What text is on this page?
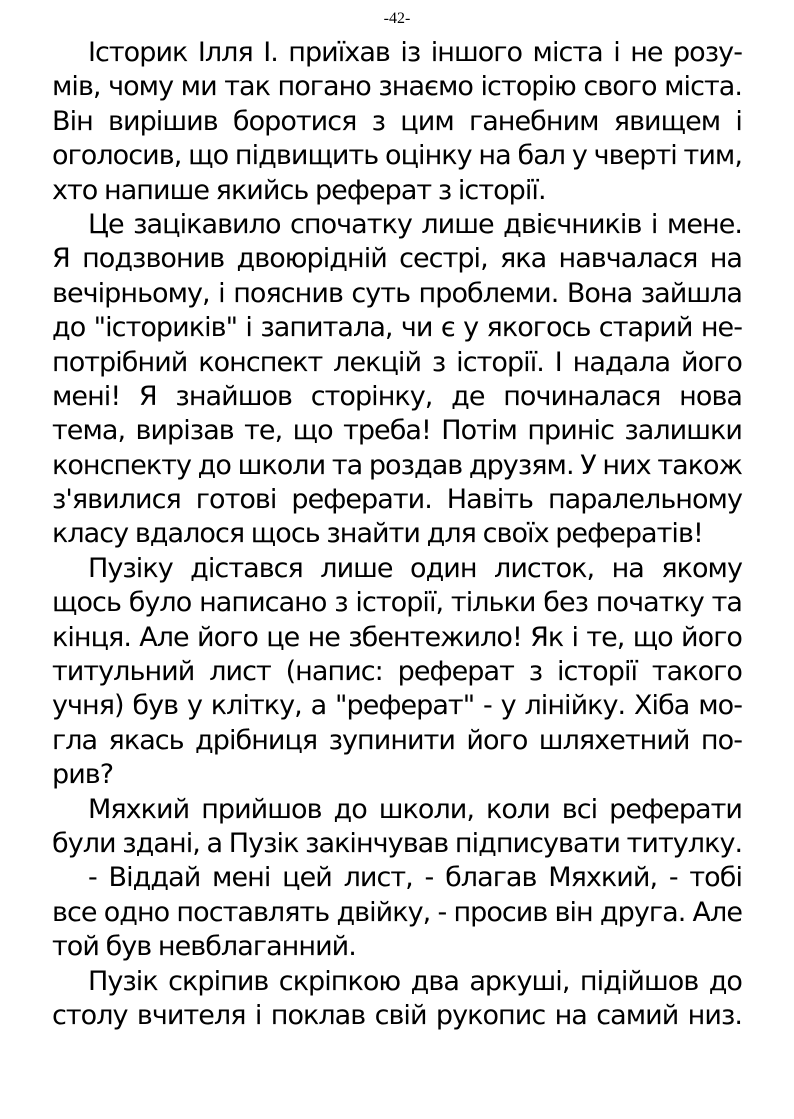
-42-
Історик Ілля І. приїхав із іншого міста і не розу-
мів, чому ми так погано знаємо історію свого міста.
Він вирішив боротися з цим ганебним явищем і
оголосив, що підвищить оцінку на бал у чверті тим,
хто напише якийсь реферат з історії.
Це зацікавило спочатку лише двієчників і мене.
Я подзвонив двоюрідній сестрі, яка навчалася на
вечірньому, і пояснив суть проблеми. Вона зайшла
до "істориків" і запитала, чи є у якогось старий не-
потрібний конспект лекцій з історії. І надала його
мені! Я знайшов сторінку, де починалася нова
тема, вирізав те, що треба! Потім приніс залишки
конспекту до школи та роздав друзям. У них також
з'явилися готові реферати. Навіть паралельному
класу вдалося щось знайти для своїх рефератів!
Пузіку дістався лише один листок, на якому
щось було написано з історії, тільки без початку та
кінця. Але його це не збентежило! Як і те, що його
титульний лист (напис: реферат з історії такого
учня) був у клітку, а "реферат" - у лінійку. Хіба мо-
гла якась дрібниця зупинити його шляхетний по-
рив?
Мяхкий прийшов до школи, коли всі реферати
були здані, а Пузік закінчував підписувати титулку.
- Віддай мені цей лист, - благав Мяхкий, - тобі
все одно поставлять двійку, - просив він друга. Але
той був невблаганний.
Пузік скріпив скріпкою два аркуші, підійшов до
столу вчителя і поклав свій рукопис на самий низ.
